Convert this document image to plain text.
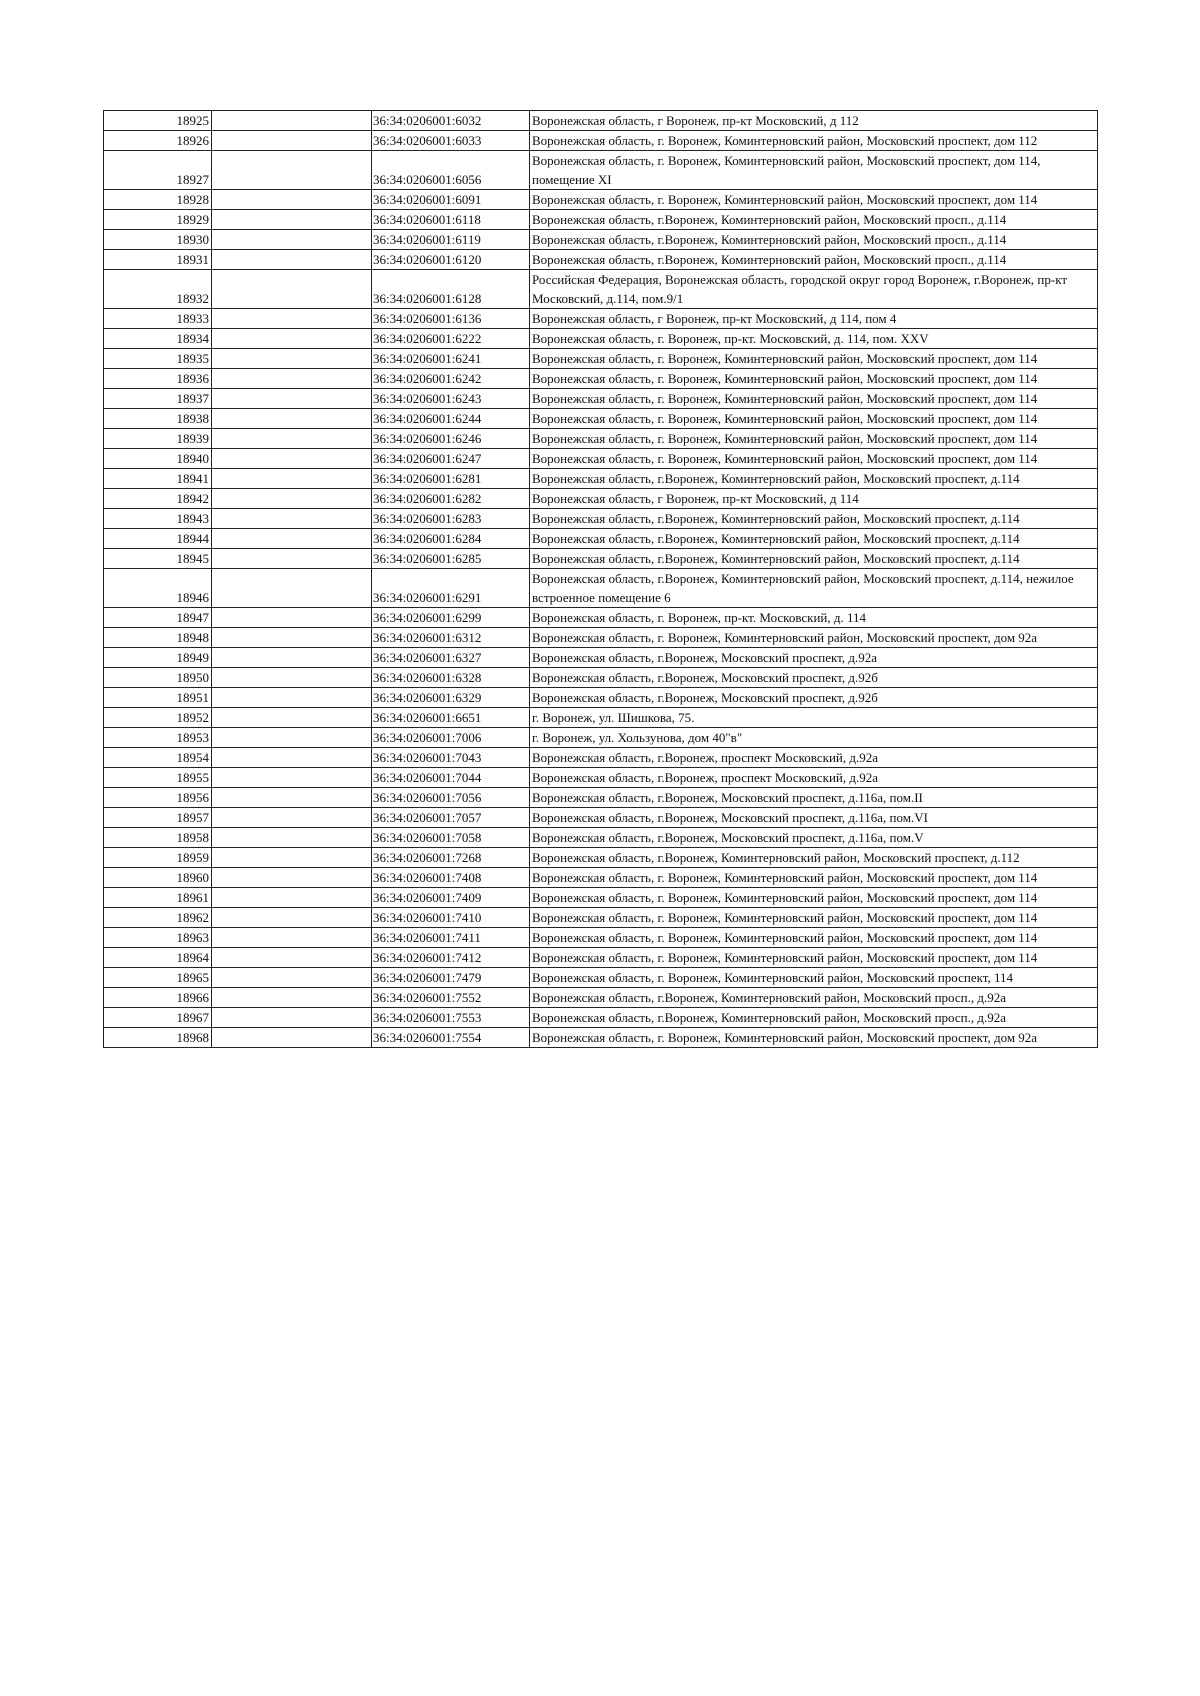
18925		36:34:0206001:6032	Воронежская область, г Воронеж, пр-кт Московский, д 112
18926		36:34:0206001:6033	Воронежская область, г. Воронеж, Коминтерновский район, Московский проспект, дом 112
18927		36:34:0206001:6056	Воронежская область, г. Воронеж, Коминтерновский район, Московский проспект, дом 114, помещение XI
18928		36:34:0206001:6091	Воронежская область, г. Воронеж, Коминтерновский район, Московский проспект, дом 114
18929		36:34:0206001:6118	Воронежская область, г.Воронеж, Коминтерновский район, Московский просп., д.114
18930		36:34:0206001:6119	Воронежская область, г.Воронеж, Коминтерновский район, Московский просп., д.114
18931		36:34:0206001:6120	Воронежская область, г.Воронеж, Коминтерновский район, Московский просп., д.114
18932		36:34:0206001:6128	Российская Федерация, Воронежская область, городской округ город Воронеж, г.Воронеж, пр-кт Московский, д.114, пом.9/1
18933		36:34:0206001:6136	Воронежская область, г Воронеж, пр-кт Московский, д 114, пом 4
18934		36:34:0206001:6222	Воронежская область, г. Воронеж, пр-кт. Московский, д. 114, пом. XXV
18935		36:34:0206001:6241	Воронежская область, г. Воронеж, Коминтерновский район, Московский проспект, дом 114
18936		36:34:0206001:6242	Воронежская область, г. Воронеж, Коминтерновский район, Московский проспект, дом 114
18937		36:34:0206001:6243	Воронежская область, г. Воронеж, Коминтерновский район, Московский проспект, дом 114
18938		36:34:0206001:6244	Воронежская область, г. Воронеж, Коминтерновский район, Московский проспект, дом 114
18939		36:34:0206001:6246	Воронежская область, г. Воронеж, Коминтерновский район, Московский проспект, дом 114
18940		36:34:0206001:6247	Воронежская область, г. Воронеж, Коминтерновский район, Московский проспект, дом 114
18941		36:34:0206001:6281	Воронежская область, г.Воронеж, Коминтерновский район, Московский проспект, д.114
18942		36:34:0206001:6282	Воронежская область, г Воронеж, пр-кт Московский, д 114
18943		36:34:0206001:6283	Воронежская область, г.Воронеж, Коминтерновский район, Московский проспект, д.114
18944		36:34:0206001:6284	Воронежская область, г.Воронеж, Коминтерновский район, Московский проспект, д.114
18945		36:34:0206001:6285	Воронежская область, г.Воронеж, Коминтерновский район, Московский проспект, д.114
18946		36:34:0206001:6291	Воронежская область, г.Воронеж, Коминтерновский район, Московский проспект, д.114, нежилое встроенное помещение 6
18947		36:34:0206001:6299	Воронежская область, г. Воронеж, пр-кт. Московский, д. 114
18948		36:34:0206001:6312	Воронежская область, г. Воронеж, Коминтерновский район, Московский проспект, дом 92а
18949		36:34:0206001:6327	Воронежская область, г.Воронеж, Московский проспект, д.92а
18950		36:34:0206001:6328	Воронежская область, г.Воронеж, Московский проспект, д.92б
18951		36:34:0206001:6329	Воронежская область, г.Воронеж, Московский проспект, д.92б
18952		36:34:0206001:6651	г. Воронеж, ул. Шишкова, 75.
18953		36:34:0206001:7006	г. Воронеж, ул. Хользунова, дом 40"в"
18954		36:34:0206001:7043	Воронежская область, г.Воронеж, проспект Московский, д.92а
18955		36:34:0206001:7044	Воронежская область, г.Воронеж, проспект Московский, д.92а
18956		36:34:0206001:7056	Воронежская область, г.Воронеж, Московский проспект, д.116а, пом.II
18957		36:34:0206001:7057	Воронежская область, г.Воронеж, Московский проспект, д.116а, пом.VI
18958		36:34:0206001:7058	Воронежская область, г.Воронеж, Московский проспект, д.116а, пом.V
18959		36:34:0206001:7268	Воронежская область, г.Воронеж, Коминтерновский район, Московский проспект, д.112
18960		36:34:0206001:7408	Воронежская область, г. Воронеж, Коминтерновский район, Московский проспект, дом 114
18961		36:34:0206001:7409	Воронежская область, г. Воронеж, Коминтерновский район, Московский проспект, дом 114
18962		36:34:0206001:7410	Воронежская область, г. Воронеж, Коминтерновский район, Московский проспект, дом 114
18963		36:34:0206001:7411	Воронежская область, г. Воронеж, Коминтерновский район, Московский проспект, дом 114
18964		36:34:0206001:7412	Воронежская область, г. Воронеж, Коминтерновский район, Московский проспект, дом 114
18965		36:34:0206001:7479	Воронежская область, г. Воронеж, Коминтерновский район, Московский проспект, 114
18966		36:34:0206001:7552	Воронежская область, г.Воронеж, Коминтерновский район, Московский просп., д.92а
18967		36:34:0206001:7553	Воронежская область, г.Воронеж, Коминтерновский район, Московский просп., д.92а
18968		36:34:0206001:7554	Воронежская область, г. Воронеж, Коминтерновский район, Московский проспект, дом 92а
